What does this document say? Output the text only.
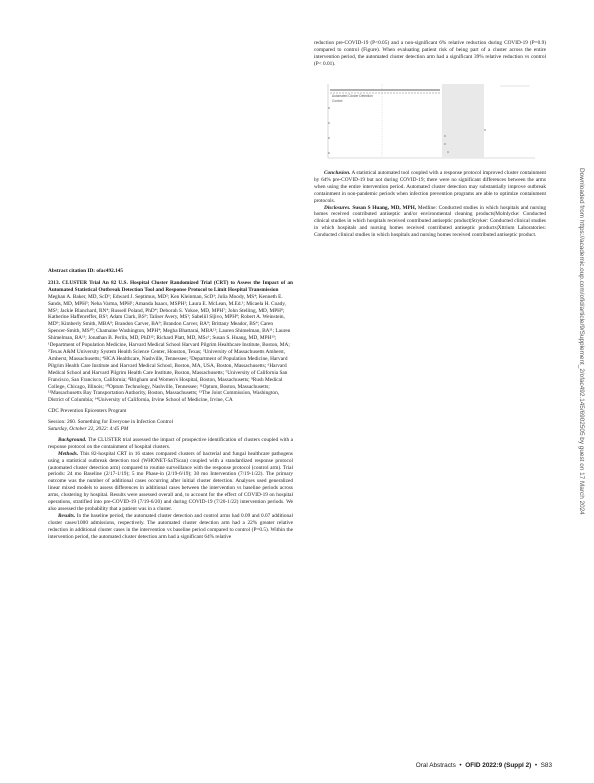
reduction pre-COVID-19 (P<0.05) and a non-significant 6% relative reduction during COVID-19 (P=0.9) compared to control (Figure). When evaluating patient risk of being part of a cluster across the entire intervention period, the automated cluster detection arm had a significant 39% relative reduction vs control (P< 0.01).

Automated Cluster Detection
Control

Conclusion. A statistical automated tool coupled with a response protocol improved cluster containment by 64% pre-COVID-19 but not during COVID-19; there were no significant differences between the arms when using the entire intervention period. Automated cluster detection may substantially improve outbreak containment in non-pandemic periods when infection prevention programs are able to optimize containment protocols.

Disclosures. Susan S Huang, MD, MPH, Medline: Conducted studies in which hospitals and nursing homes received contributed antiseptic and/or environmental cleaning products|Molnlycke: Conducted clinical studies in which hospitals received contributed antiseptic product|Stryker: Conducted clinical studies in which hospitals and nursing homes received contributed antiseptic products|Xttrium Laboratories: Conducted clinical studies in which hospitals and nursing homes received contributed antiseptic product.

Abstract citation ID: ofac492.145

2313. CLUSTER Trial An 82 U.S. Hospital Cluster Randomized Trial (CRT) to Assess the Impact of an Automated Statistical Outbreak Detection Tool and Response Protocol to Limit Hospital Transmission

Meghan A. Baker, MD, ScD¹; Edward J. Septimus, MD²; Ken Kleinman, ScD³; Julia Moody, MS⁴; Kenneth E. Sands, MD, MPH⁵; Neha Varma, MPH¹; Amanda Isaacs, MSPH¹; Laura E. McLean, M.Ed.¹; Micaela H. Coady, MS¹; Jackie Blanchard, RN⁴; Russell Poland, PhD⁴; Deborah S. Yokoe, MD, MPH⁷; John Stelling, MD, MPH⁸; Katherine Haffenreffer, BS¹; Adam Clark, BS⁹; Taliser Avery, MS¹; Sabeliil Sljivo, MPH⁹; Robert A. Weinstein, MD⁹; Kimberly Smith, MBA⁹; Brandon Carver, BA⁹; Brandon Carver, BA⁹; Brittany Meador, BS⁴; Caren Spencer-Smith, MS¹⁰; Chamaine Washington, MPH⁴; Megha Bhattarai, MBA¹¹; Lauren Shimelman, BA¹¹; Lauren Shimelman, BA¹¹; Jonathan B. Perlin, MD, PhD¹²; Richard Platt, MD, MSc¹; Susan S. Huang, MD, MPH¹³; ¹Department of Population Medicine, Harvard Medical School Harvard Pilgrim Healthcare Institute, Boston, MA; ²Texas A&M University System Health Science Center, Houston, Texas; ³University of Massachusetts Amherst, Amherst, Massachusetts; ⁴HCA Healthcare, Nashville, Tennessee; ⁵Department of Population Medicine, Harvard Pilgrim Health Care Institute and Harvard Medical School, Boston, MA, USA, Boston, Massachusetts; ⁶Harvard Medical School and Harvard Pilgrim Health Care Institute, Boston, Massachusetts; ⁷University of California San Francisco, San Francisco, California; ⁸Brigham and Women's Hospital, Boston, Massachusetts; ⁹Rush Medical College, Chicago, Illinois; ¹⁰Optum Technology, Nashville, Tennessee; ¹¹Optum, Boston, Massachusetts; ¹²Massachusetts Bay Transportation Authority, Boston, Massachusetts; ¹³The Joint Commission, Washington, District of Columbia; ¹⁴University of California, Irvine School of Medicine, Irvine, CA

CDC Prevention Epicenters Program

Session: 260. Something for Everyone in Infection Control

Saturday, October 22, 2022: 4:45 PM

Background. The CLUSTER trial assessed the impact of prospective identification of clusters coupled with a response protocol on the containment of hospital clusters.

Methods. This 82-hospital CRT in 16 states compared clusters of bacterial and fungal healthcare pathogens using a statistical outbreak detection tool (WHONET-SaTScan) coupled with a standardized response protocol (automated cluster detection arm) compared to routine surveillance with the response protocol (control arm). Trial periods: 24 mo Baseline (2/17-1/19); 5 mo Phase-in (2/19-6/19); 30 mo Intervention (7/19-1/22). The primary outcome was the number of additional cases occurring after initial cluster detection. Analyses used generalized linear mixed models to assess differences in additional cases between the intervention vs baseline periods across arms, clustering by hospital. Results were assessed overall and, to account for the effect of COVID-19 on hospital operations, stratified into pre-COVID-19 (7/19-6/20) and during COVID-19 (7/20-1/22) intervention periods. We also assessed the probability that a patient was in a cluster.

Results. In the baseline period, the automated cluster detection and control arms had 0.09 and 0.07 additional cluster cases/1000 admissions, respectively. The automated cluster detection arm had a 22% greater relative reduction in additional cluster cases in the intervention vs baseline period compared to control (P=0.5). Within the intervention period, the automated cluster detection arm had a significant 64% relative

Oral Abstracts  •  OFID 2022:9 (Suppl 2)  •  S83
Downloaded from https://academic.oup.com/ofid/article/9/Supplement_2/ofac492.145/6902505 by guest on 17 March 2024
